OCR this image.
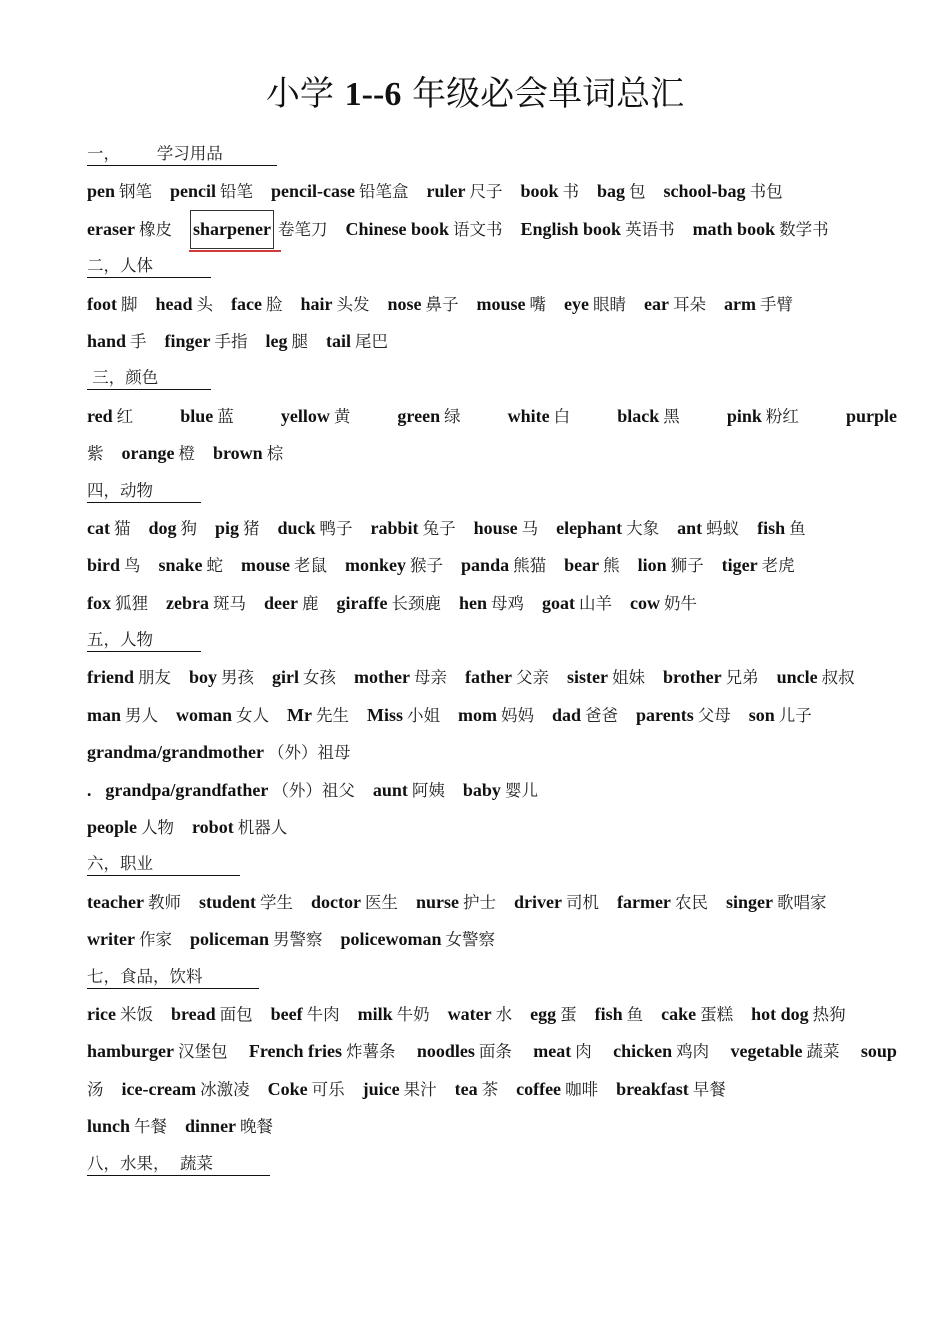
小学 1--6 年级必会单词总汇
一，       学习用品
pen 钢笔 pencil 铅笔 pencil-case 铅笔盒 ruler 尺子 book 书 bag 包 school-bag 书包
eraser 橡皮 sharpener 卷笔刀 Chinese book 语文书 English book 英语书 math book 数学书
二，人体
foot 脚 head 头 face 脸 hair 头发 nose 鼻子 mouse 嘴 eye 眼睛 ear 耳朵 arm 手臂
hand 手 finger 手指 leg 腿 tail 尾巴
三，颜色
red 红	blue 蓝	yellow 黄	green 绿	white 白	black 黑	pink 粉红	purple
紫 orange 橙 brown 棕
四，动物
cat 猫 dog 狗 pig 猪 duck 鸭子 rabbit 兔子 house 马 elephant 大象 ant 蚂蚁 fish 鱼
bird 鸟 snake 蛇 mouse 老鼠 monkey 猴子 panda 熊猫 bear 熊 lion 狮子 tiger 老虎
fox 狐狸 zebra 斑马 deer 鹿 giraffe 长颈鹿 hen 母鸡 goat 山羊 cow 奶牛
五，人物
friend 朋友 boy 男孩 girl 女孩 mother 母亲 father 父亲 sister 姐妹 brother 兄弟 uncle 叔叔
man 男人 woman 女人 Mr 先生 Miss 小姐 mom 妈妈 dad 爸爸 parents 父母 son 儿子
grandma/grandmother （外）祖母
. grandpa/grandfather （外）祖父 aunt 阿姨 baby 婴儿
people 人物 robot 机器人
六，职业
teacher 教师 student 学生 doctor 医生 nurse 护士 driver 司机 farmer 农民 singer 歌唱家
writer 作家 policeman 男警察 policewoman 女警察
七，食品，饮料
rice 米饭 bread 面包 beef 牛肉 milk 牛奶 water 水 egg 蛋 fish 鱼 cake 蛋糕 hot dog 热狗
hamburger 汉堡包 French fries 炸薯条 noodles 面条 meat 肉 chicken 鸡肉 vegetable 蔬菜 soup
汤 ice-cream 冰激凌 Coke 可乐 juice 果汁 tea 茶 coffee 咖啡 breakfast 早餐
lunch 午餐 dinner 晚餐
八，水果，  蔬菜
